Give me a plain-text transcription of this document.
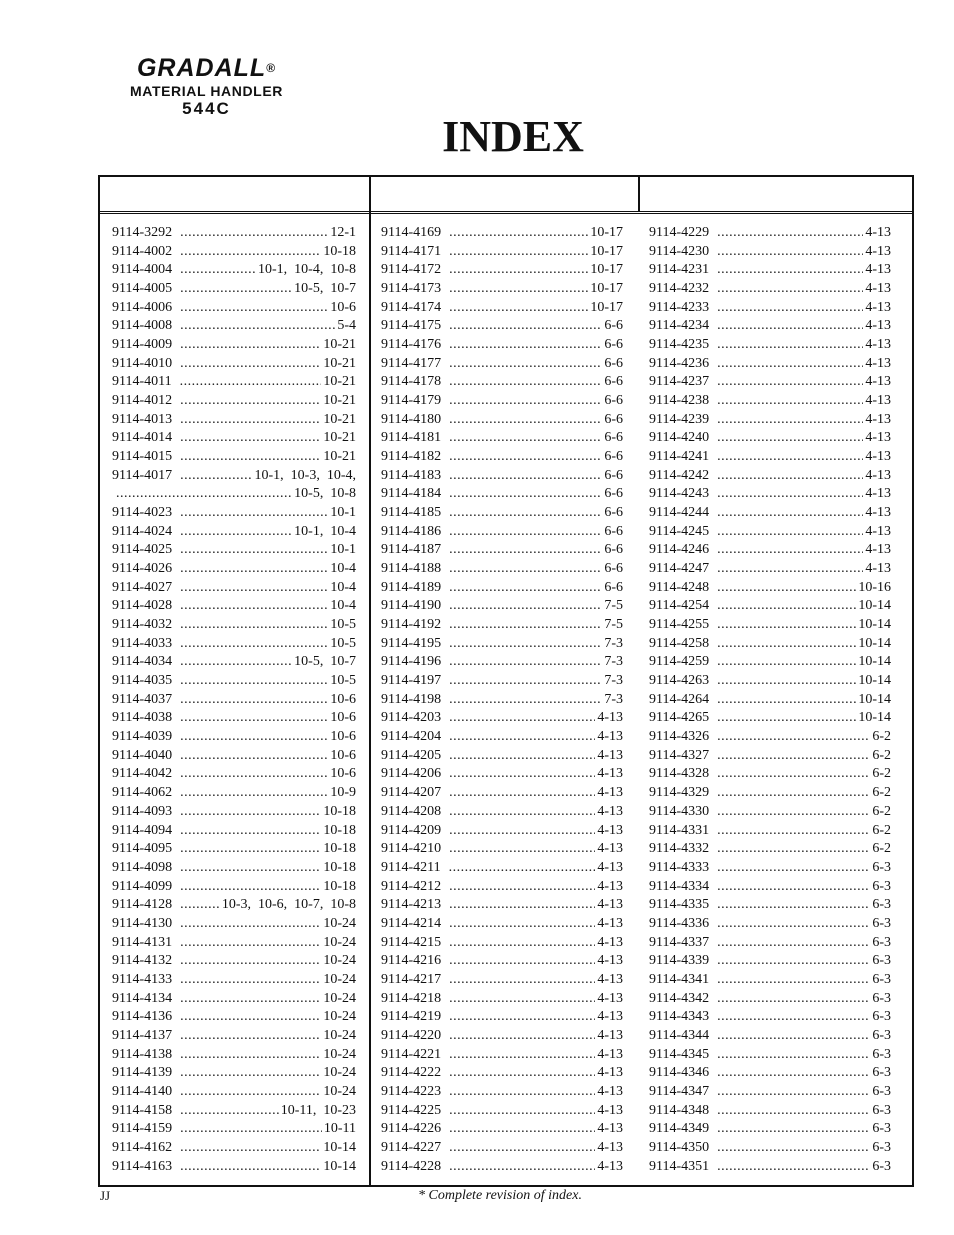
GRADALL®
MATERIAL HANDLER
544C
INDEX
9114-3292 .....	12-1
9114-4002 .....	10-18
9114-4004 .....	10-1,  10-4,  10-8
9114-4005 .....	10-5,  10-7
9114-4006 .....	10-6
9114-4008 .....	5-4
9114-4009 .....	10-21
9114-4010 .....	10-21
9114-4011 .....	10-21
9114-4012 .....	10-21
9114-4013 .....	10-21
9114-4014 .....	10-21
9114-4015 .....	10-21
9114-4017 .....	10-1,  10-3,  10-4,
.....
10-5,  10-8
9114-4023 .....	10-1
9114-4024 .....	10-1,  10-4
9114-4025 .....	10-1
9114-4026 .....	10-4
9114-4027 .....	10-4
9114-4028 .....	10-4
9114-4032 .....	10-5
9114-4033 .....	10-5
9114-4034 .....	10-5,  10-7
9114-4035 .....	10-5
9114-4037 .....	10-6
9114-4038 .....	10-6
9114-4039 .....	10-6
9114-4040 .....	10-6
9114-4042 .....	10-6
9114-4062 .....	10-9
9114-4093 .....	10-18
9114-4094 .....	10-18
9114-4095 .....	10-18
9114-4098 .....	10-18
9114-4099 .....	10-18
9114-4128 .....	10-3,  10-6,  10-7,  10-8
9114-4130 .....	10-24
9114-4131 .....	10-24
9114-4132 .....	10-24
9114-4133 .....	10-24
9114-4134 .....	10-24
9114-4136 .....	10-24
9114-4137 .....	10-24
9114-4138 .....	10-24
9114-4139 .....	10-24
9114-4140 .....	10-24
9114-4158 .....	10-11,  10-23
9114-4159 .....	10-11
9114-4162 .....	10-14
9114-4163 .....	10-14
9114-4169 .....	10-17
9114-4171 .....	10-17
9114-4172 .....	10-17
9114-4173 .....	10-17
9114-4174 .....	10-17
9114-4175 .....	6-6
9114-4176 .....	6-6
9114-4177 .....	6-6
9114-4178 .....	6-6
9114-4179 .....	6-6
9114-4180 .....	6-6
9114-4181 .....	6-6
9114-4182 .....	6-6
9114-4183 .....	6-6
9114-4184 .....	6-6
9114-4185 .....	6-6
9114-4186 .....	6-6
9114-4187 .....	6-6
9114-4188 .....	6-6
9114-4189 .....	6-6
9114-4190 .....	7-5
9114-4192 .....	7-5
9114-4195 .....	7-3
9114-4196 .....	7-3
9114-4197 .....	7-3
9114-4198 .....	7-3
9114-4203 .....	4-13
9114-4204 .....	4-13
9114-4205 .....	4-13
9114-4206 .....	4-13
9114-4207 .....	4-13
9114-4208 .....	4-13
9114-4209 .....	4-13
9114-4210 .....	4-13
9114-4211 .....	4-13
9114-4212 .....	4-13
9114-4213 .....	4-13
9114-4214 .....	4-13
9114-4215 .....	4-13
9114-4216 .....	4-13
9114-4217 .....	4-13
9114-4218 .....	4-13
9114-4219 .....	4-13
9114-4220 .....	4-13
9114-4221 .....	4-13
9114-4222 .....	4-13
9114-4223 .....	4-13
9114-4225 .....	4-13
9114-4226 .....	4-13
9114-4227 .....	4-13
9114-4228 .....	4-13
9114-4229 .....	4-13
9114-4230 .....	4-13
9114-4231 .....	4-13
9114-4232 .....	4-13
9114-4233 .....	4-13
9114-4234 .....	4-13
9114-4235 .....	4-13
9114-4236 .....	4-13
9114-4237 .....	4-13
9114-4238 .....	4-13
9114-4239 .....	4-13
9114-4240 .....	4-13
9114-4241 .....	4-13
9114-4242 .....	4-13
9114-4243 .....	4-13
9114-4244 .....	4-13
9114-4245 .....	4-13
9114-4246 .....	4-13
9114-4247 .....	4-13
9114-4248 .....	10-16
9114-4254 .....	10-14
9114-4255 .....	10-14
9114-4258 .....	10-14
9114-4259 .....	10-14
9114-4263 .....	10-14
9114-4264 .....	10-14
9114-4265 .....	10-14
9114-4326 .....	6-2
9114-4327 .....	6-2
9114-4328 .....	6-2
9114-4329 .....	6-2
9114-4330 .....	6-2
9114-4331 .....	6-2
9114-4332 .....	6-2
9114-4333 .....	6-3
9114-4334 .....	6-3
9114-4335 .....	6-3
9114-4336 .....	6-3
9114-4337 .....	6-3
9114-4339 .....	6-3
9114-4341 .....	6-3
9114-4342 .....	6-3
9114-4343 .....	6-3
9114-4344 .....	6-3
9114-4345 .....	6-3
9114-4346 .....	6-3
9114-4347 .....	6-3
9114-4348 .....	6-3
9114-4349 .....	6-3
9114-4350 .....	6-3
9114-4351 .....	6-3
JJ	* Complete revision of index.
